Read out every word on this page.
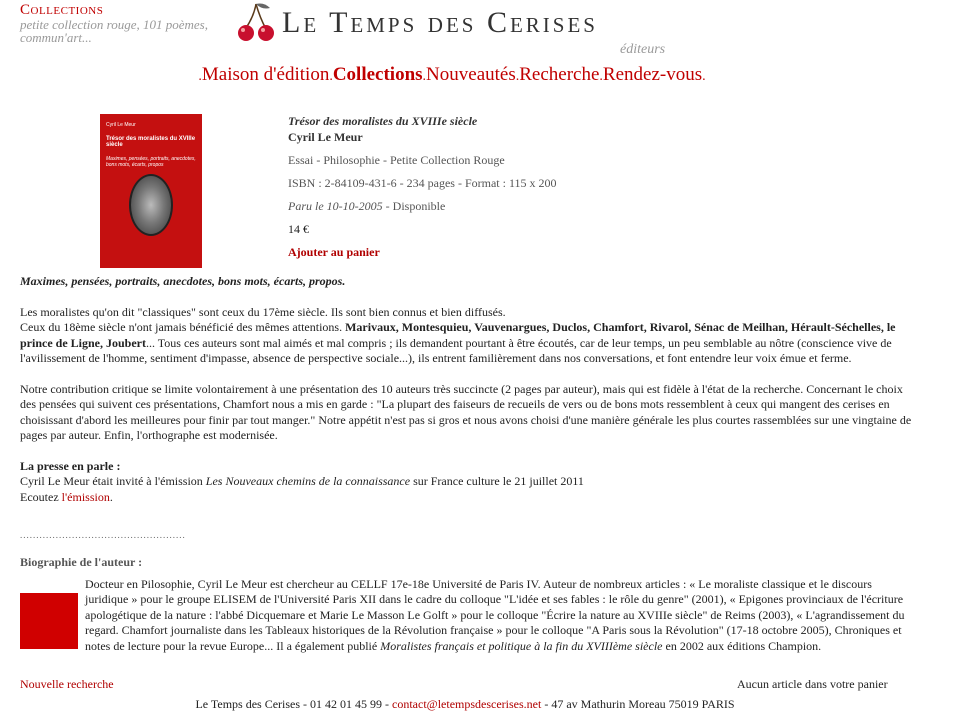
Collections
petite collection rouge, 101 poèmes, commun'art...	Le Temps des Cerises
éditeurs
.Maison d'édition.Collections.Nouveautés.Recherche.Rendez-vous.
Cyril Le Meur
Trésor des moralistes du XVIIIe siècle
Maximes, pensées, portraits, anecdotes, bons mots, écarts, propos
Trésor des moralistes du XVIIIe siècle
Cyril Le Meur
Essai - Philosophie - Petite Collection Rouge
ISBN : 2-84109-431-6 - 234 pages - Format : 115 x 200
Paru le 10-10-2005 - Disponible
14 €
Ajouter au panier

Maximes, pensées, portraits, anecdotes, bons mots, écarts, propos.

Les moralistes qu'on dit "classiques" sont ceux du 17ème siècle. Ils sont bien connus et bien diffusés.

Ceux du 18ème siècle n'ont jamais bénéficié des mêmes attentions. Marivaux, Montesquieu, Vauvenargues, Duclos, Chamfort, Rivarol, Sénac de Meilhan, Hérault-Séchelles, le prince de Ligne, Joubert... Tous ces auteurs sont mal aimés et mal compris ; ils demandent pourtant à être écoutés, car de leur temps, un peu semblable au nôtre (conscience vive de l'avilissement de l'homme, sentiment d'impasse, absence de perspective sociale...), ils entrent familièrement dans nos conversations, et font entendre leur voix émue et ferme.

Notre contribution critique se limite volontairement à une présentation des 10 auteurs très succincte (2 pages par auteur), mais qui est fidèle à l'état de la recherche. Concernant le choix des pensées qui suivent ces présentations, Chamfort nous a mis en garde : "La plupart des faiseurs de recueils de vers ou de bons mots ressemblent à ceux qui mangent des cerises en choisissant d'abord les meilleures pour finir par tout manger." Notre appétit n'est pas si gros et nous avons choisi d'une manière générale les plus courtes rassemblées sur une vingtaine de pages par auteur. Enfin, l'orthographe est modernisée.

La presse en parle :

Cyril Le Meur était invité à l'émission Les Nouveaux chemins de la connaissance sur France culture le 21 juillet 2011

Ecoutez l'émission.

...................................................
Biographie de l'auteur :
Docteur en Pilosophie, Cyril Le Meur est chercheur au CELLF 17e-18e Université de Paris IV. Auteur de nombreux articles : « Le moraliste classique et le discours juridique » pour le groupe ELISEM de l'Université Paris XII dans le cadre du colloque "L'idée et ses fables : le rôle du genre" (2001), « Epigones provinciaux de l'écriture apologétique de la nature : l'abbé Dicquemare et Marie Le Masson Le Golft » pour le colloque "Écrire la nature au XVIIIe siècle" de Reims (2003), « L'agrandissement du regard. Chamfort journaliste dans les Tableaux historiques de la Révolution française » pour le colloque "A Paris sous la Révolution" (17-18 octobre 2005), Chroniques et notes de lecture pour la revue Europe... Il a également publié Moralistes français et politique à la fin du XVIIIème siècle en 2002 aux éditions Champion.
Nouvelle recherche	Aucun article dans votre panier
Le Temps des Cerises - 01 42 01 45 99 - contact@letempsdescerises.net - 47 av Mathurin Moreau 75019 PARIS
